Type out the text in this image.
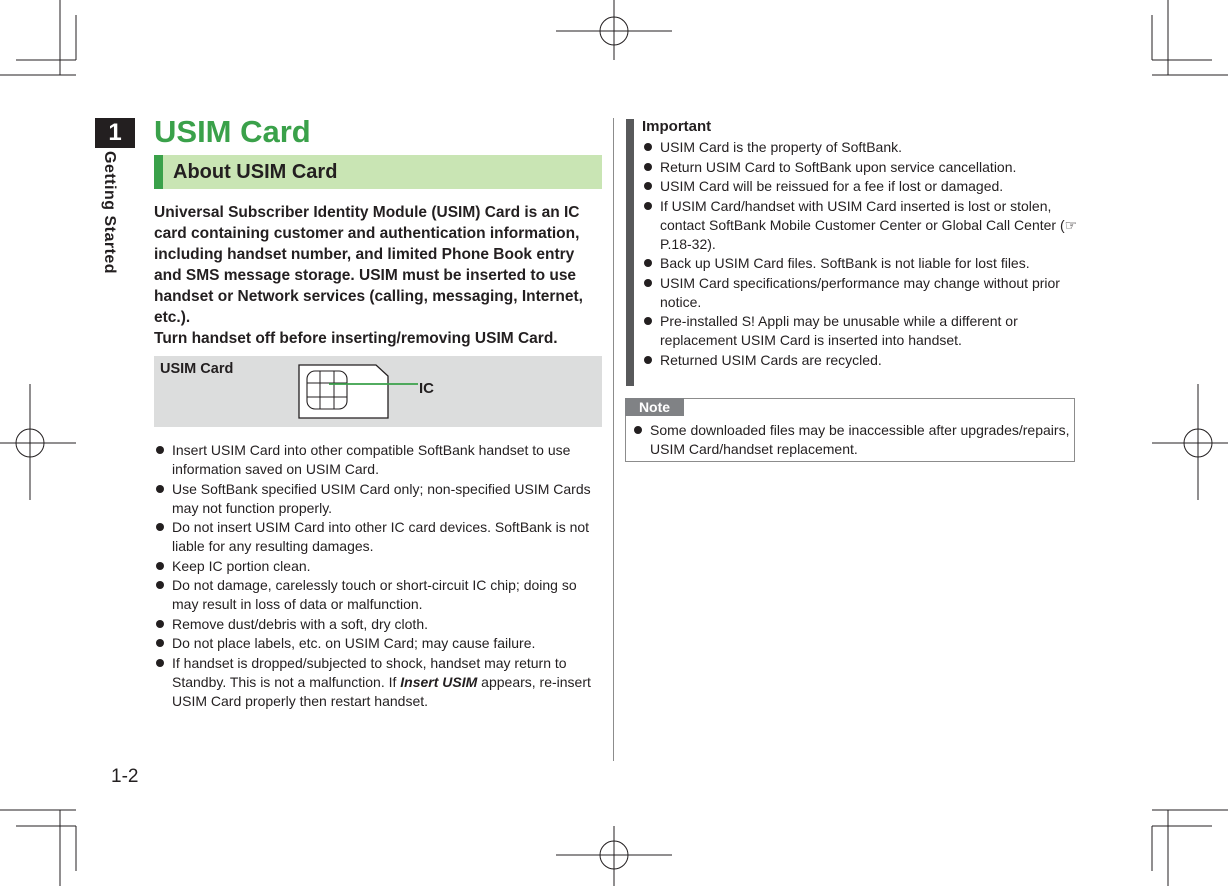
1
Getting Started
1-2
USIM Card
About USIM Card

Universal Subscriber Identity Module (USIM) Card is an IC card containing customer and authentication information, including handset number, and limited Phone Book entry and SMS message storage. USIM must be inserted to use handset or Network services (calling, messaging, Internet, etc.).

Turn handset off before inserting/removing USIM Card.

USIM Card
IC
Insert USIM Card into other compatible SoftBank handset to use information saved on USIM Card.
Use SoftBank specified USIM Card only; non-specified USIM Cards may not function properly.
Do not insert USIM Card into other IC card devices. SoftBank is not liable for any resulting damages.
Keep IC portion clean.
Do not damage, carelessly touch or short-circuit IC chip; doing so may result in loss of data or malfunction.
Remove dust/debris with a soft, dry cloth.
Do not place labels, etc. on USIM Card; may cause failure.
If handset is dropped/subjected to shock, handset may return to Standby. This is not a malfunction. If Insert USIM appears, re-insert USIM Card properly then restart handset.
Important
USIM Card is the property of SoftBank.
Return USIM Card to SoftBank upon service cancellation.
USIM Card will be reissued for a fee if lost or damaged.
If USIM Card/handset with USIM Card inserted is lost or stolen, contact SoftBank Mobile Customer Center or Global Call Center (☞P.18-32).
Back up USIM Card files. SoftBank is not liable for lost files.
USIM Card specifications/performance may change without prior notice.
Pre-installed S! Appli may be unusable while a different or replacement USIM Card is inserted into handset.
Returned USIM Cards are recycled.
Note
Some downloaded files may be inaccessible after upgrades/repairs, USIM Card/handset replacement.
